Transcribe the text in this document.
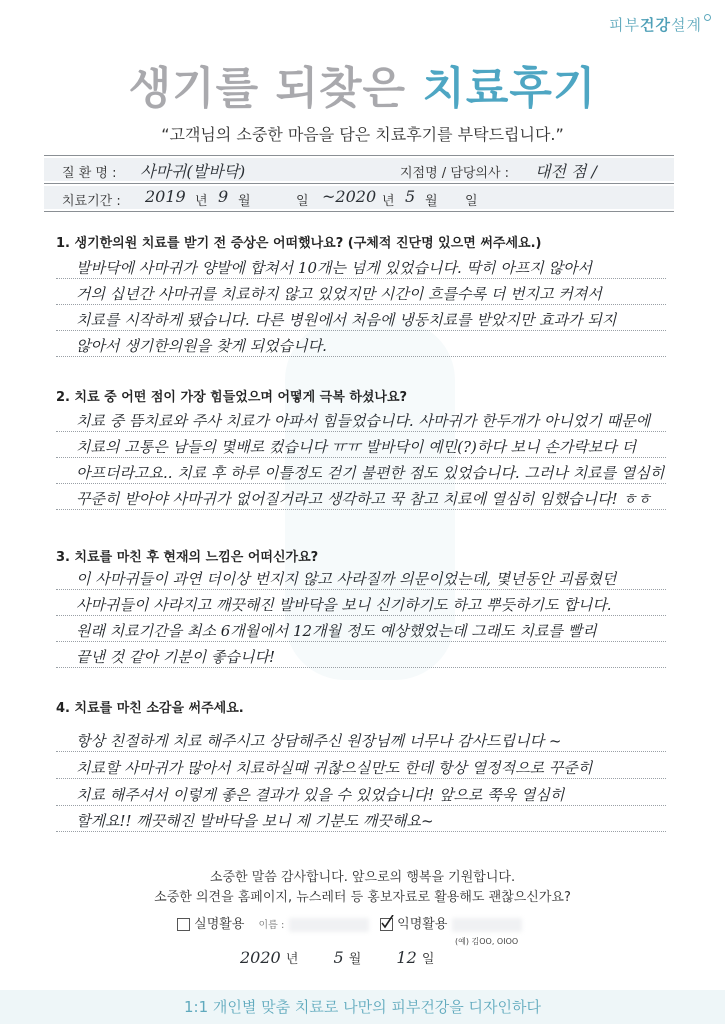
피부건강설계
생기를 되찾은 치료후기
“고객님의 소중한 마음을 담은 치료후기를 부탁드립니다.”
질 환 명 : 사마귀(발바닥)	지점명 / 담당의사 : 대전 점 /
치료기간 : 2019 년 9 월	일 ~2020 년 5 월 일
1. 생기한의원 치료를 받기 전 증상은 어떠했나요? (구체적 진단명 있으면 써주세요.)
발바닥에 사마귀가 양발에 합쳐서 10개는 넘게 있었습니다. 딱히 아프지 않아서
거의 십년간 사마귀를 치료하지 않고 있었지만 시간이 흐를수록 더 번지고 커져서
치료를 시작하게 됐습니다. 다른 병원에서 처음에 냉동치료를 받았지만 효과가 되지
않아서 생기한의원을 찾게 되었습니다.
2. 치료 중 어떤 점이 가장 힘들었으며 어떻게 극복 하셨나요?
치료 중 뜸치료와 주사 치료가 아파서 힘들었습니다. 사마귀가 한두개가 아니었기 때문에
치료의 고통은 남들의 몇배로 컸습니다 ㅠㅠ 발바닥이 예민(?)하다 보니 손가락보다 더
아프더라고요.. 치료 후 하루 이틀정도 걷기 불편한 점도 있었습니다. 그러나 치료를 열심히
꾸준히 받아야 사마귀가 없어질거라고 생각하고 꾹 참고 치료에 열심히 임했습니다! ㅎㅎ
3. 치료를 마친 후 현재의 느낌은 어떠신가요?
이 사마귀들이 과연 더이상 번지지 않고 사라질까 의문이었는데, 몇년동안 괴롭혔던
사마귀들이 사라지고 깨끗해진 발바닥을 보니 신기하기도 하고 뿌듯하기도 합니다.
원래 치료기간을 최소 6개월에서 12개월 정도 예상했었는데 그래도 치료를 빨리
끝낸 것 같아 기분이 좋습니다!
4. 치료를 마친 소감을 써주세요.
항상 친절하게 치료 해주시고 상담해주신 원장님께 너무나 감사드립니다 ~
치료할 사마귀가 많아서 치료하실때 귀찮으실만도 한데 항상 열정적으로 꾸준히
치료 해주셔서 이렇게 좋은 결과가 있을 수 있었습니다! 앞으로 쭉욱 열심히
할게요!! 깨끗해진 발바닥을 보니 제 기분도 깨끗해요~
소중한 말씀 감사합니다. 앞으로의 행복을 기원합니다.
소중한 의견을 홈페이지, 뉴스레터 등 홍보자료로 활용해도 괜찮으신가요?
실명활용 이름 :	익명활용
(예) 김OO, OIOO
2020 년 5 월 12 일
1:1 개인별 맞춤 치료로 나만의 피부건강을 디자인하다
